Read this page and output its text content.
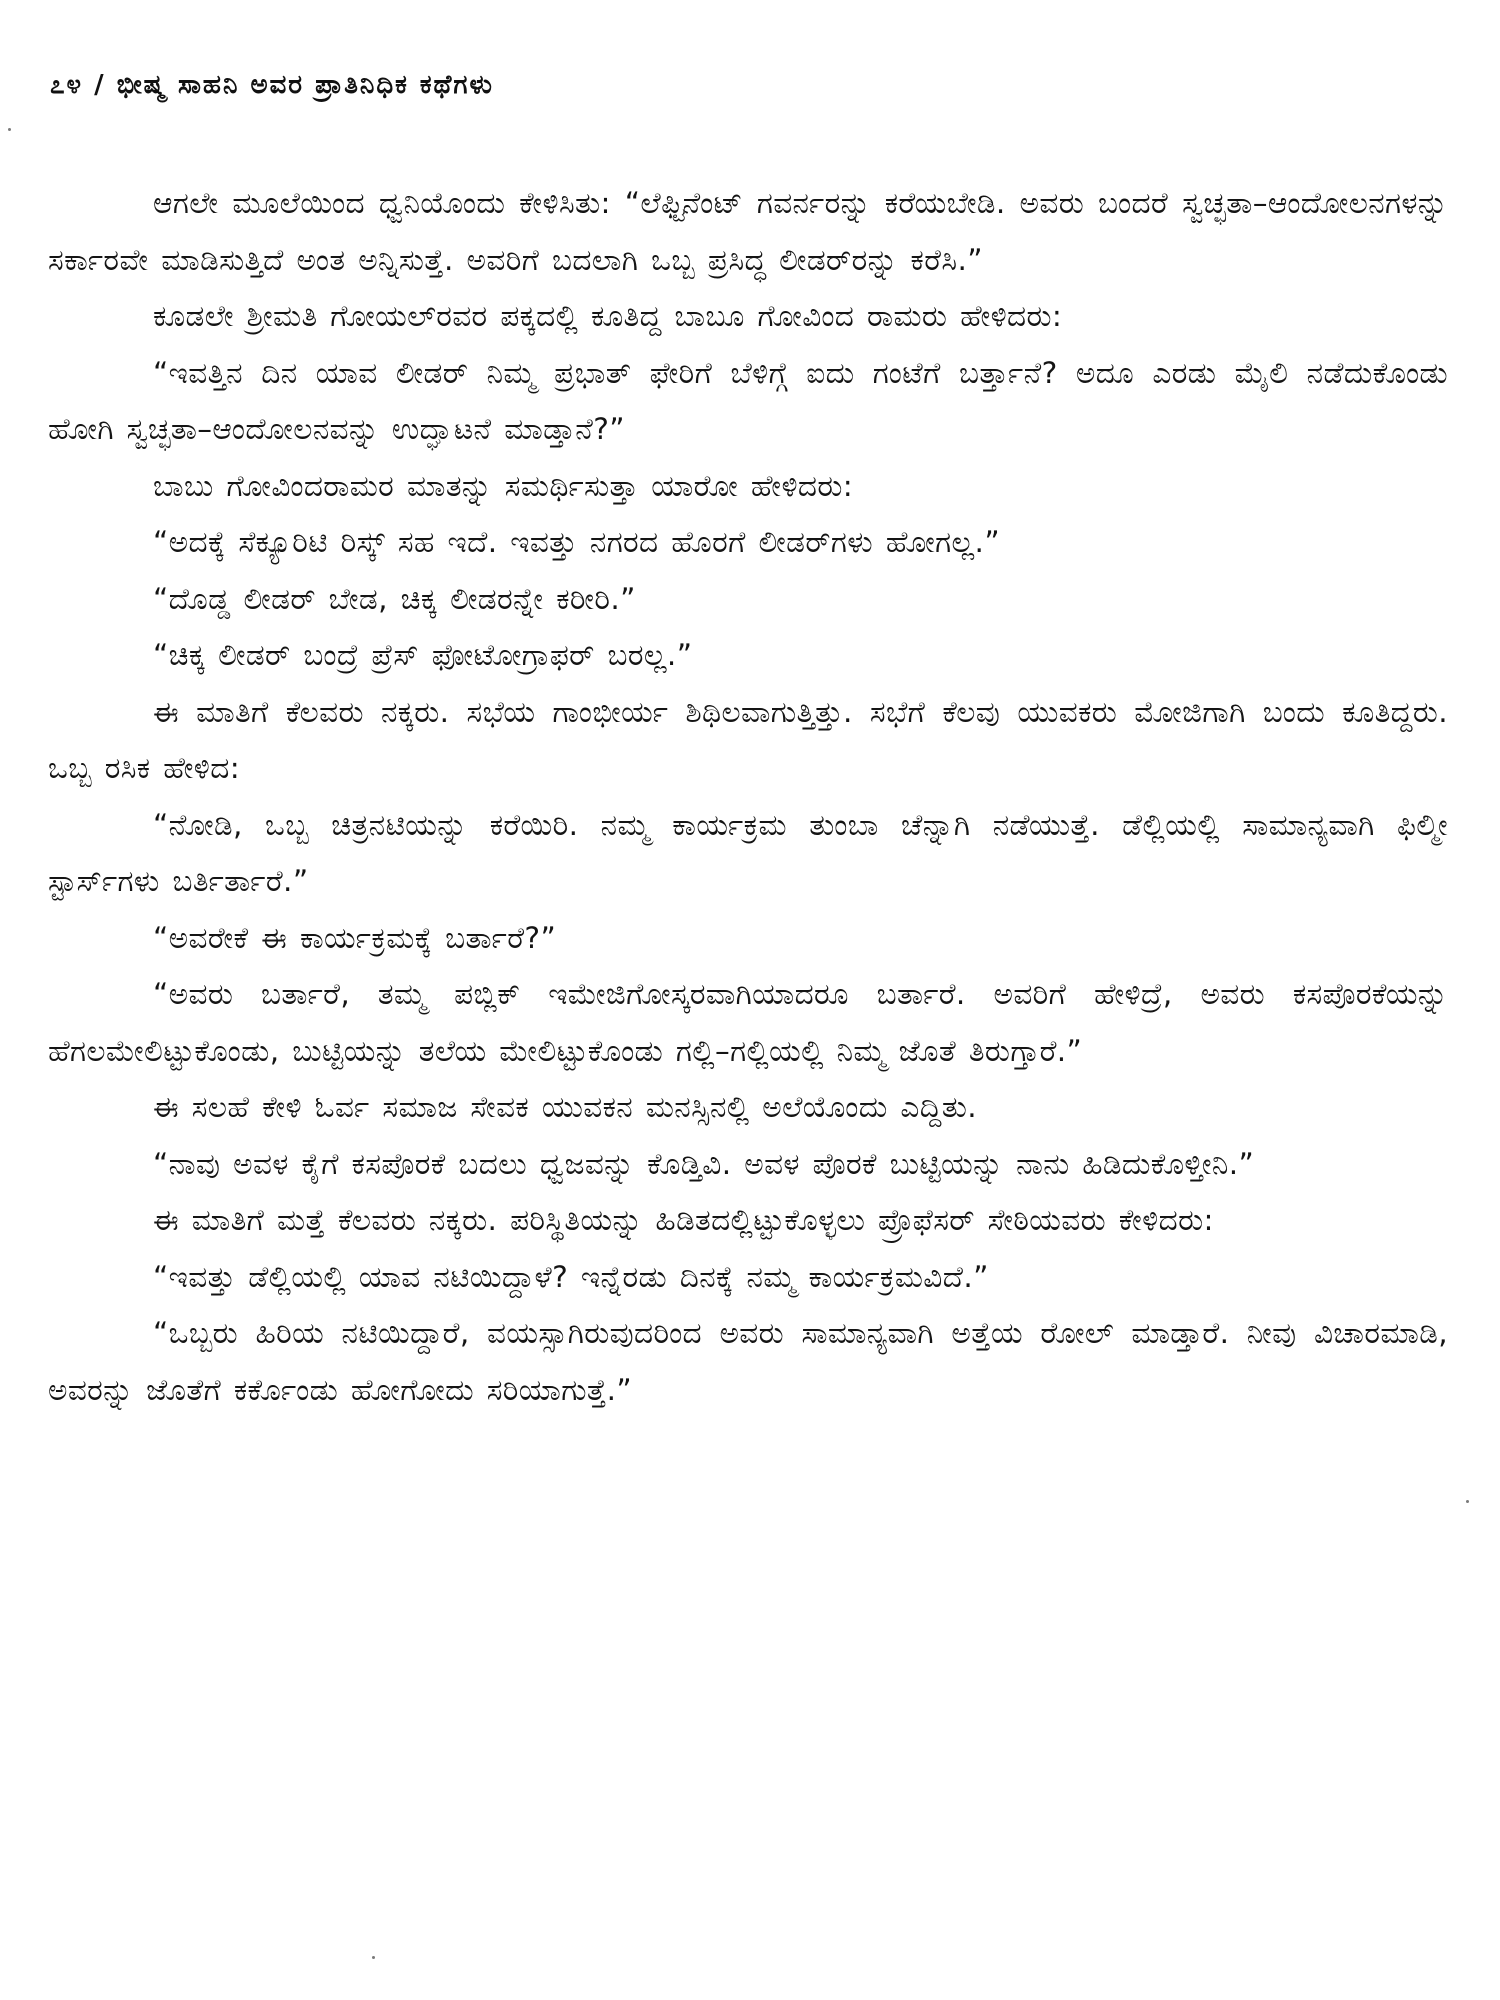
೭೪ / ಭೀಷ್ಮ ಸಾಹನಿ ಅವರ ಪ್ರಾತಿನಿಧಿಕ ಕಥೆಗಳು

ಆಗಲೇ ಮೂಲೆಯಿಂದ ಧ್ವನಿಯೊಂದು ಕೇಳಿಸಿತು: “ಲೆಫ್ಟಿನೆಂಟ್ ಗವರ್ನರನ್ನು ಕರೆಯಬೇಡಿ. ಅವರು ಬಂದರೆ ಸ್ವಚ್ಛತಾ–ಆಂದೋಲನಗಳನ್ನು ಸರ್ಕಾರವೇ ಮಾಡಿಸುತ್ತಿದೆ ಅಂತ ಅನ್ನಿಸುತ್ತೆ. ಅವರಿಗೆ ಬದಲಾಗಿ ಒಬ್ಬ ಪ್ರಸಿದ್ಧ ಲೀಡರ್‌ರನ್ನು ಕರೆಸಿ.”

ಕೂಡಲೇ ಶ್ರೀಮತಿ ಗೋಯಲ್‌ರವರ ಪಕ್ಕದಲ್ಲಿ ಕೂತಿದ್ದ ಬಾಬೂ ಗೋವಿಂದ ರಾಮರು ಹೇಳಿದರು:

“ಇವತ್ತಿನ ದಿನ ಯಾವ ಲೀಡರ್ ನಿಮ್ಮ ಪ್ರಭಾತ್ ಫೇರಿಗೆ ಬೆಳಿಗ್ಗೆ ಐದು ಗಂಟೆಗೆ ಬರ್ತ್ತಾನೆ? ಅದೂ ಎರಡು ಮೈಲಿ ನಡೆದುಕೊಂಡು ಹೋಗಿ ಸ್ವಚ್ಛತಾ–ಆಂದೋಲನವನ್ನು ಉದ್ಘಾಟನೆ ಮಾಡ್ತಾನೆ?”

ಬಾಬು ಗೋವಿಂದರಾಮರ ಮಾತನ್ನು ಸಮರ್ಥಿಸುತ್ತಾ ಯಾರೋ ಹೇಳಿದರು:

“ಅದಕ್ಕೆ ಸೆಕ್ಯೂರಿಟಿ ರಿಸ್ಕ್ ಸಹ ಇದೆ. ಇವತ್ತು ನಗರದ ಹೊರಗೆ ಲೀಡರ್‌ಗಳು ಹೋಗಲ್ಲ.”

“ದೊಡ್ಡ ಲೀಡರ್ ಬೇಡ, ಚಿಕ್ಕ ಲೀಡರನ್ನೇ ಕರೀರಿ.”

“ಚಿಕ್ಕ ಲೀಡರ್ ಬಂದ್ರೆ ಪ್ರೆಸ್ ಫೋಟೋಗ್ರಾಫರ್ ಬರಲ್ಲ.”

ಈ ಮಾತಿಗೆ ಕೆಲವರು ನಕ್ಕರು. ಸಭೆಯ ಗಾಂಭೀರ್ಯ ಶಿಥಿಲವಾಗುತ್ತಿತ್ತು. ಸಭೆಗೆ ಕೆಲವು ಯುವಕರು ಮೋಜಿಗಾಗಿ ಬಂದು ಕೂತಿದ್ದರು. ಒಬ್ಬ ರಸಿಕ ಹೇಳಿದ:

“ನೋಡಿ, ಒಬ್ಬ ಚಿತ್ರನಟಿಯನ್ನು ಕರೆಯಿರಿ. ನಮ್ಮ ಕಾರ್ಯಕ್ರಮ ತುಂಬಾ ಚೆನ್ನಾಗಿ ನಡೆಯುತ್ತೆ. ಡೆಲ್ಲಿಯಲ್ಲಿ ಸಾಮಾನ್ಯವಾಗಿ ಫಿಲ್ಮೀ ಸ್ಟಾರ್ಸ್‌ಗಳು ಬರ್ತಿರ್ತಾರೆ.”

“ಅವರೇಕೆ ಈ ಕಾರ್ಯಕ್ರಮಕ್ಕೆ ಬರ್ತಾರೆ?”

“ಅವರು ಬರ್ತಾರೆ, ತಮ್ಮ ಪಬ್ಲಿಕ್ ಇಮೇಜಿಗೋಸ್ಕರವಾಗಿಯಾದರೂ ಬರ್ತಾರೆ. ಅವರಿಗೆ ಹೇಳಿದ್ರೆ, ಅವರು ಕಸಪೊರಕೆಯನ್ನು ಹೆಗಲಮೇಲಿಟ್ಟುಕೊಂಡು, ಬುಟ್ಟಿಯನ್ನು ತಲೆಯ ಮೇಲಿಟ್ಟುಕೊಂಡು ಗಲ್ಲಿ–ಗಲ್ಲಿಯಲ್ಲಿ ನಿಮ್ಮ ಜೊತೆ ತಿರುಗ್ತಾರೆ.”

ಈ ಸಲಹೆ ಕೇಳಿ ಓರ್ವ ಸಮಾಜ ಸೇವಕ ಯುವಕನ ಮನಸ್ಸಿನಲ್ಲಿ ಅಲೆಯೊಂದು ಎದ್ದಿತು.

“ನಾವು ಅವಳ ಕೈಗೆ ಕಸಪೊರಕೆ ಬದಲು ಧ್ವಜವನ್ನು ಕೊಡ್ತಿವಿ. ಅವಳ ಪೊರಕೆ ಬುಟ್ಟಿಯನ್ನು ನಾನು ಹಿಡಿದುಕೊಳ್ತೀನಿ.”

ಈ ಮಾತಿಗೆ ಮತ್ತೆ ಕೆಲವರು ನಕ್ಕರು. ಪರಿಸ್ಥಿತಿಯನ್ನು ಹಿಡಿತದಲ್ಲಿಟ್ಟುಕೊಳ್ಳಲು ಪ್ರೊಫೆಸರ್ ಸೇಠಿಯವರು ಕೇಳಿದರು:

“ಇವತ್ತು ಡೆಲ್ಲಿಯಲ್ಲಿ ಯಾವ ನಟಿಯಿದ್ದಾಳೆ? ಇನ್ನೆರಡು ದಿನಕ್ಕೆ ನಮ್ಮ ಕಾರ್ಯಕ್ರಮವಿದೆ.”

“ಒಬ್ಬರು ಹಿರಿಯ ನಟಿಯಿದ್ದಾರೆ, ವಯಸ್ಸಾಗಿರುವುದರಿಂದ ಅವರು ಸಾಮಾನ್ಯವಾಗಿ ಅತ್ತೆಯ ರೋಲ್ ಮಾಡ್ತಾರೆ. ನೀವು ವಿಚಾರಮಾಡಿ, ಅವರನ್ನು ಜೊತೆಗೆ ಕರ್ಕೊಂಡು ಹೋಗೋದು ಸರಿಯಾಗುತ್ತೆ.”
